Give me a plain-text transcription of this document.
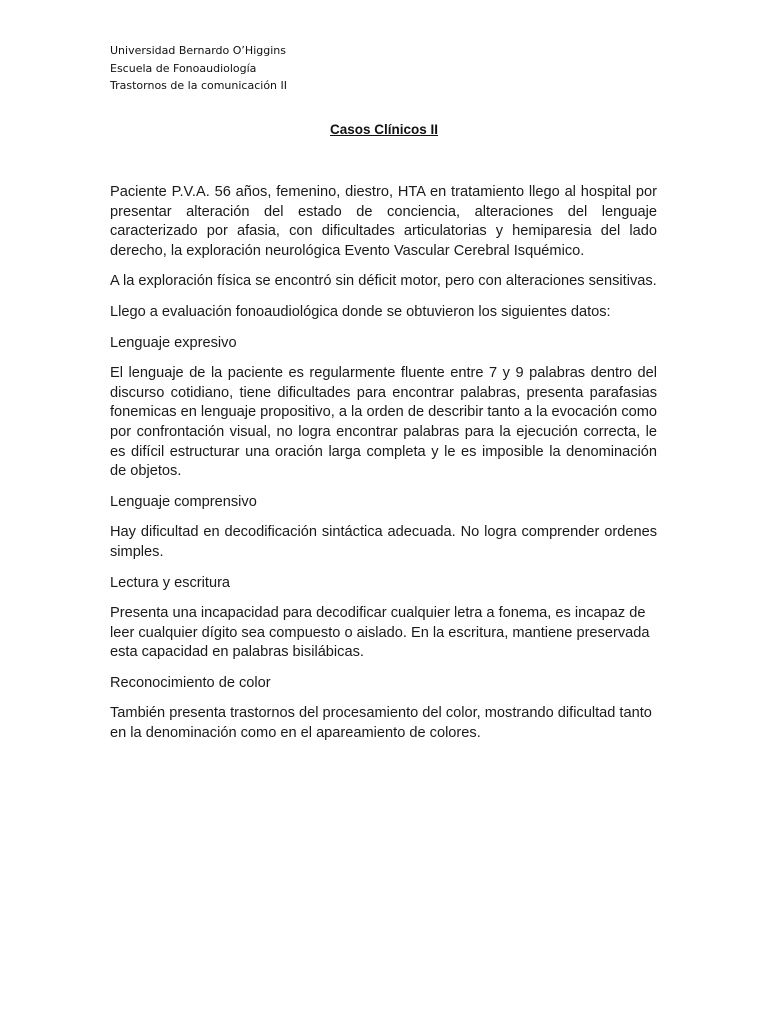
Universidad Bernardo O’Higgins
Escuela de Fonoaudiología
Trastornos de la comunicación II
Casos Clínicos II

Paciente P.V.A. 56 años, femenino, diestro, HTA en tratamiento llego al hospital por presentar alteración del estado de conciencia, alteraciones del lenguaje caracterizado por afasia, con dificultades articulatorias y hemiparesia del lado derecho, la exploración neurológica Evento Vascular Cerebral Isquémico.

A la exploración física se encontró sin déficit motor, pero con alteraciones sensitivas.

Llego a evaluación fonoaudiológica donde se obtuvieron los siguientes datos:

Lenguaje expresivo

El lenguaje de la paciente es regularmente fluente entre 7 y 9 palabras dentro del discurso cotidiano, tiene dificultades para encontrar palabras, presenta parafasias fonemicas en lenguaje propositivo, a la orden de describir tanto a la evocación como por confrontación visual, no logra encontrar palabras para la ejecución correcta, le es difícil estructurar una oración larga completa y le es imposible la denominación de objetos.

Lenguaje comprensivo

Hay dificultad en decodificación sintáctica adecuada. No logra comprender ordenes simples.

Lectura y escritura

Presenta una incapacidad para decodificar cualquier letra a fonema, es incapaz de leer cualquier dígito sea compuesto o aislado. En la escritura, mantiene preservada esta capacidad en palabras bisilábicas.

Reconocimiento de color

También presenta trastornos del procesamiento del color, mostrando dificultad tanto en la denominación como en el apareamiento de colores.
